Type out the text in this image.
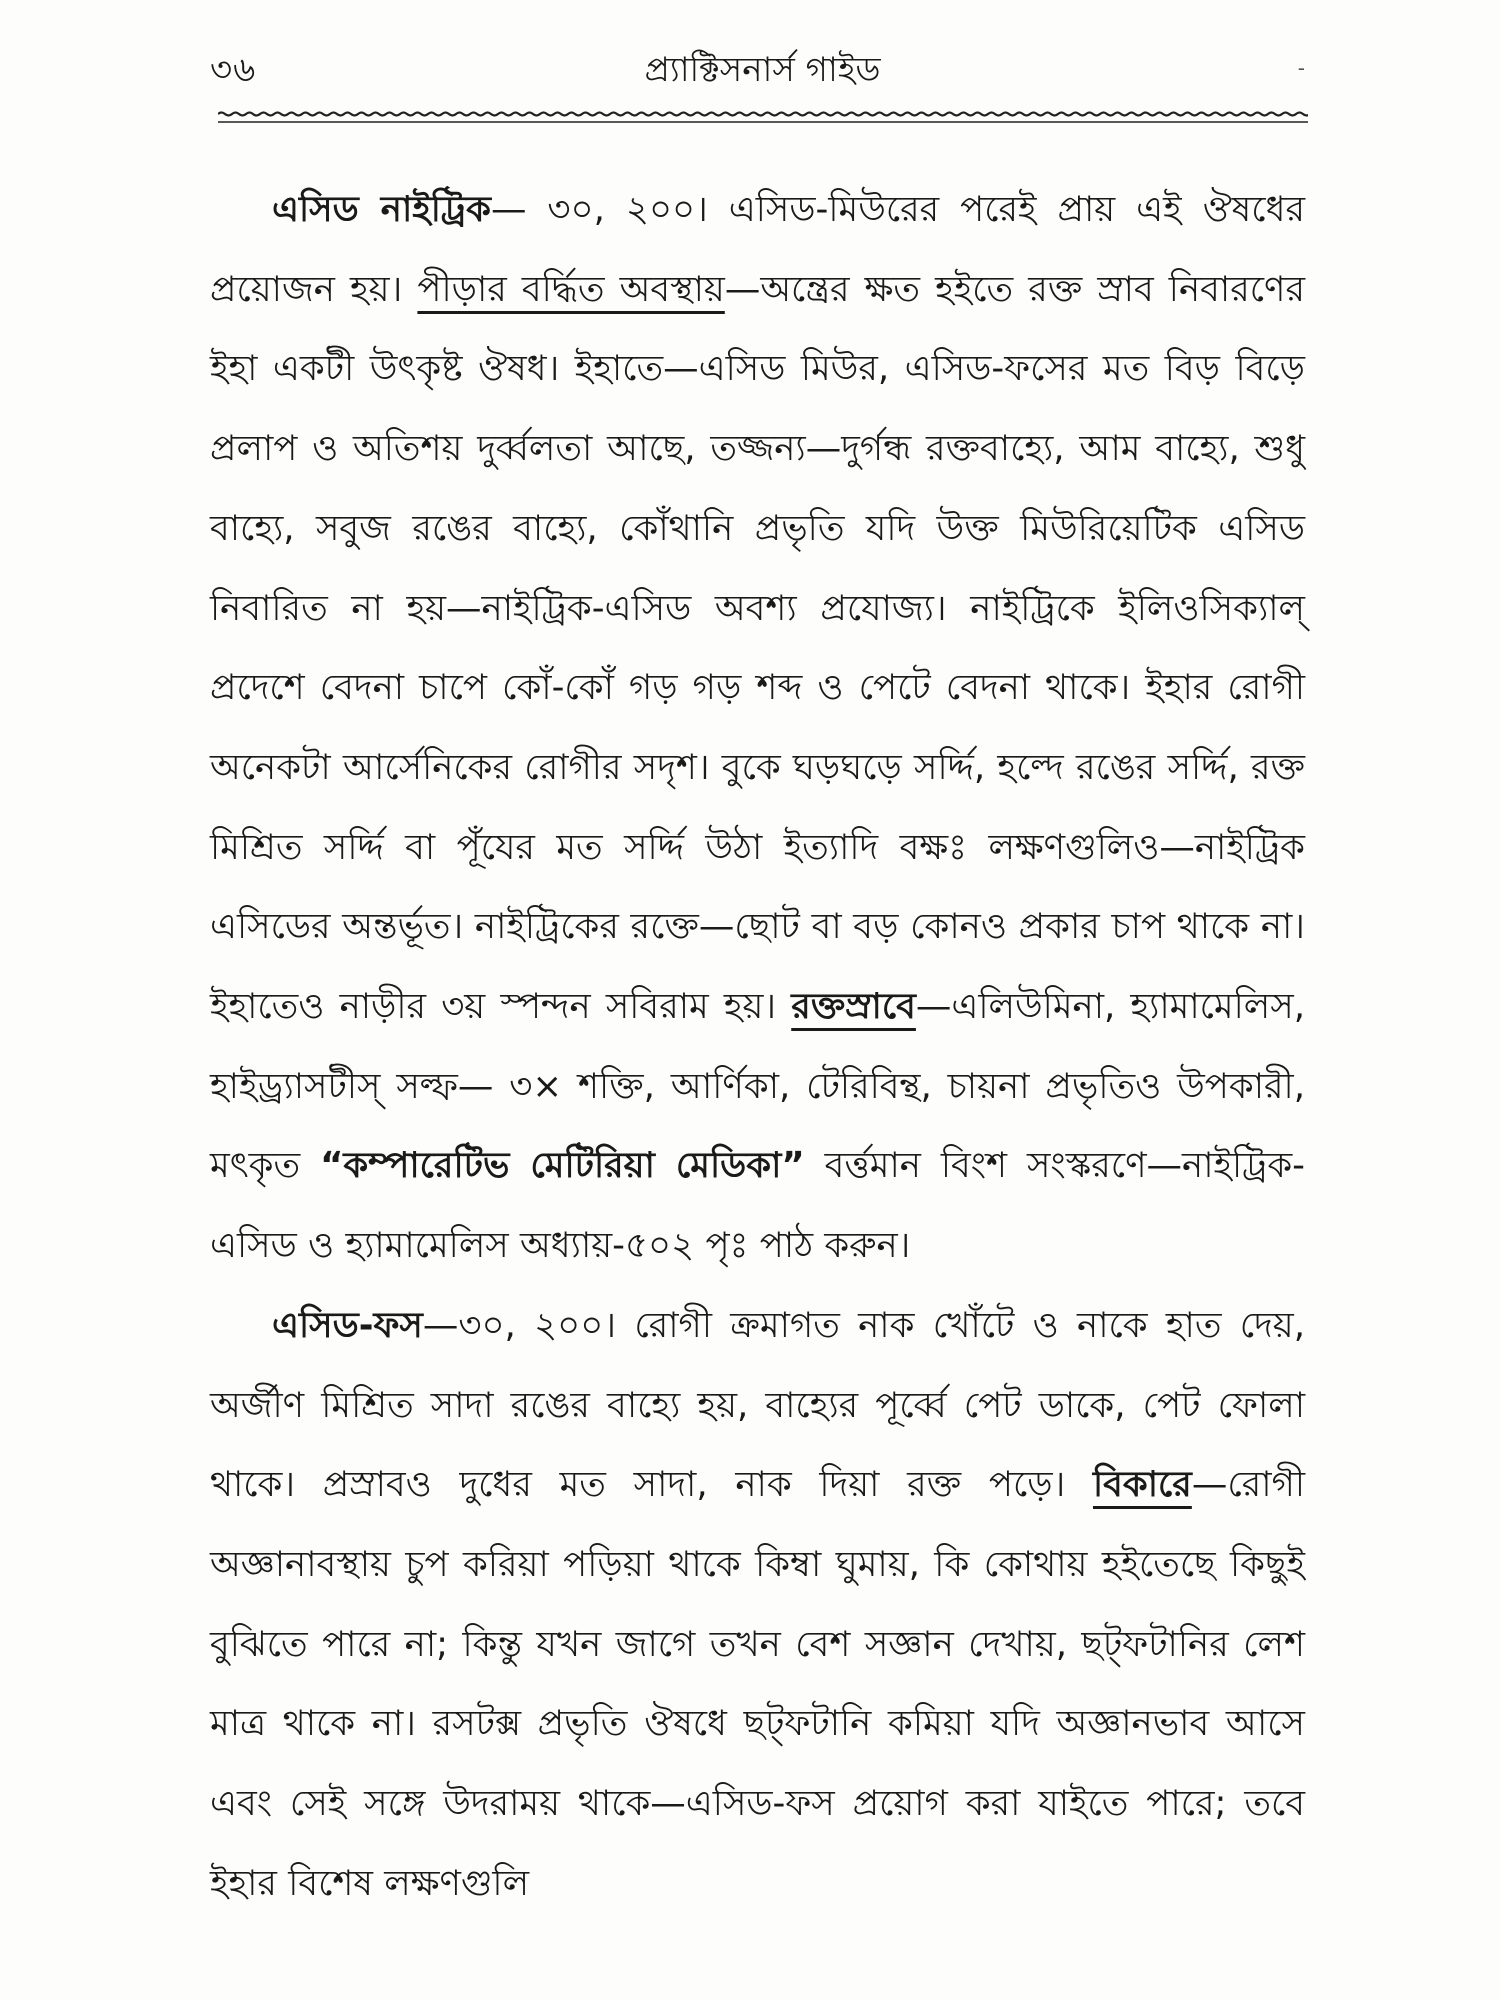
৩৬	প্র্যাক্টিসনার্স গাইড	-

এসিড নাইট্রিক— ৩০, ২০০। এসিড-মিউরের পরেই প্রায় এই ঔষধের প্রয়োজন হয়। পীড়ার বর্দ্ধিত অবস্থায়—অন্ত্রের ক্ষত হইতে রক্ত স্রাব নিবারণের ইহা একটী উৎকৃষ্ট ঔষধ। ইহাতে—এসিড মিউর, এসিড-ফসের মত বিড় বিড়ে প্রলাপ ও অতিশয় দুর্ব্বলতা আছে, তজ্জন্য—দুর্গন্ধ রক্তবাহ্যে, আম বাহ্যে, শুধু বাহ্যে, সবুজ রঙের বাহ্যে, কোঁথানি প্রভৃতি যদি উক্ত মিউরিয়েটিক এসিড নিবারিত না হয়—নাইট্রিক-এসিড অবশ্য প্রযোজ্য। নাইট্রিকে ইলিওসিক্যাল্ প্রদেশে বেদনা চাপে কোঁ-কোঁ গড় গড় শব্দ ও পেটে বেদনা থাকে। ইহার রোগী অনেকটা আর্সেনিকের রোগীর সদৃশ। বুকে ঘড়ঘড়ে সর্দ্দি, হল্দে রঙের সর্দ্দি, রক্ত মিশ্রিত সর্দ্দি বা পূঁযের মত সর্দ্দি উঠা ইত্যাদি বক্ষঃ লক্ষণগুলিও—নাইট্রিক এসিডের অন্তর্ভূত। নাইট্রিকের রক্তে—ছোট বা বড় কোনও প্রকার চাপ থাকে না। ইহাতেও নাড়ীর ৩য় স্পন্দন সবিরাম হয়। রক্তস্রাবে—এলিউমিনা, হ্যামামেলিস, হাইড্র্যাসটীস্ সল্ফ— ৩× শক্তি, আর্ণিকা, টেরিবিন্থ, চায়না প্রভৃতিও উপকারী, মৎকৃত “কম্পারেটিভ মেটিরিয়া মেডিকা” বর্ত্তমান বিংশ সংস্করণে—নাইট্রিক-এসিড ও হ্যামামেলিস অধ্যায়-৫০২ পৃঃ পাঠ করুন।

এসিড-ফস—৩০, ২০০। রোগী ক্রমাগত নাক খোঁটে ও নাকে হাত দেয়, অর্জীণ মিশ্রিত সাদা রঙের বাহ্যে হয়, বাহ্যের পূর্ব্বে পেট ডাকে, পেট ফোলা থাকে। প্রস্রাবও দুধের মত সাদা, নাক দিয়া রক্ত পড়ে। বিকারে—রোগী অজ্ঞানাবস্থায় চুপ করিয়া পড়িয়া থাকে কিম্বা ঘুমায়, কি কোথায় হইতেছে কিছুই বুঝিতে পারে না; কিন্তু যখন জাগে তখন বেশ সজ্ঞান দেখায়, ছট্ফটানির লেশ মাত্র থাকে না। রসটক্স প্রভৃতি ঔষধে ছট্ফটানি কমিয়া যদি অজ্ঞানভাব আসে এবং সেই সঙ্গে উদরাময় থাকে—এসিড-ফস প্রয়োগ করা যাইতে পারে; তবে ইহার বিশেষ লক্ষণগুলি
